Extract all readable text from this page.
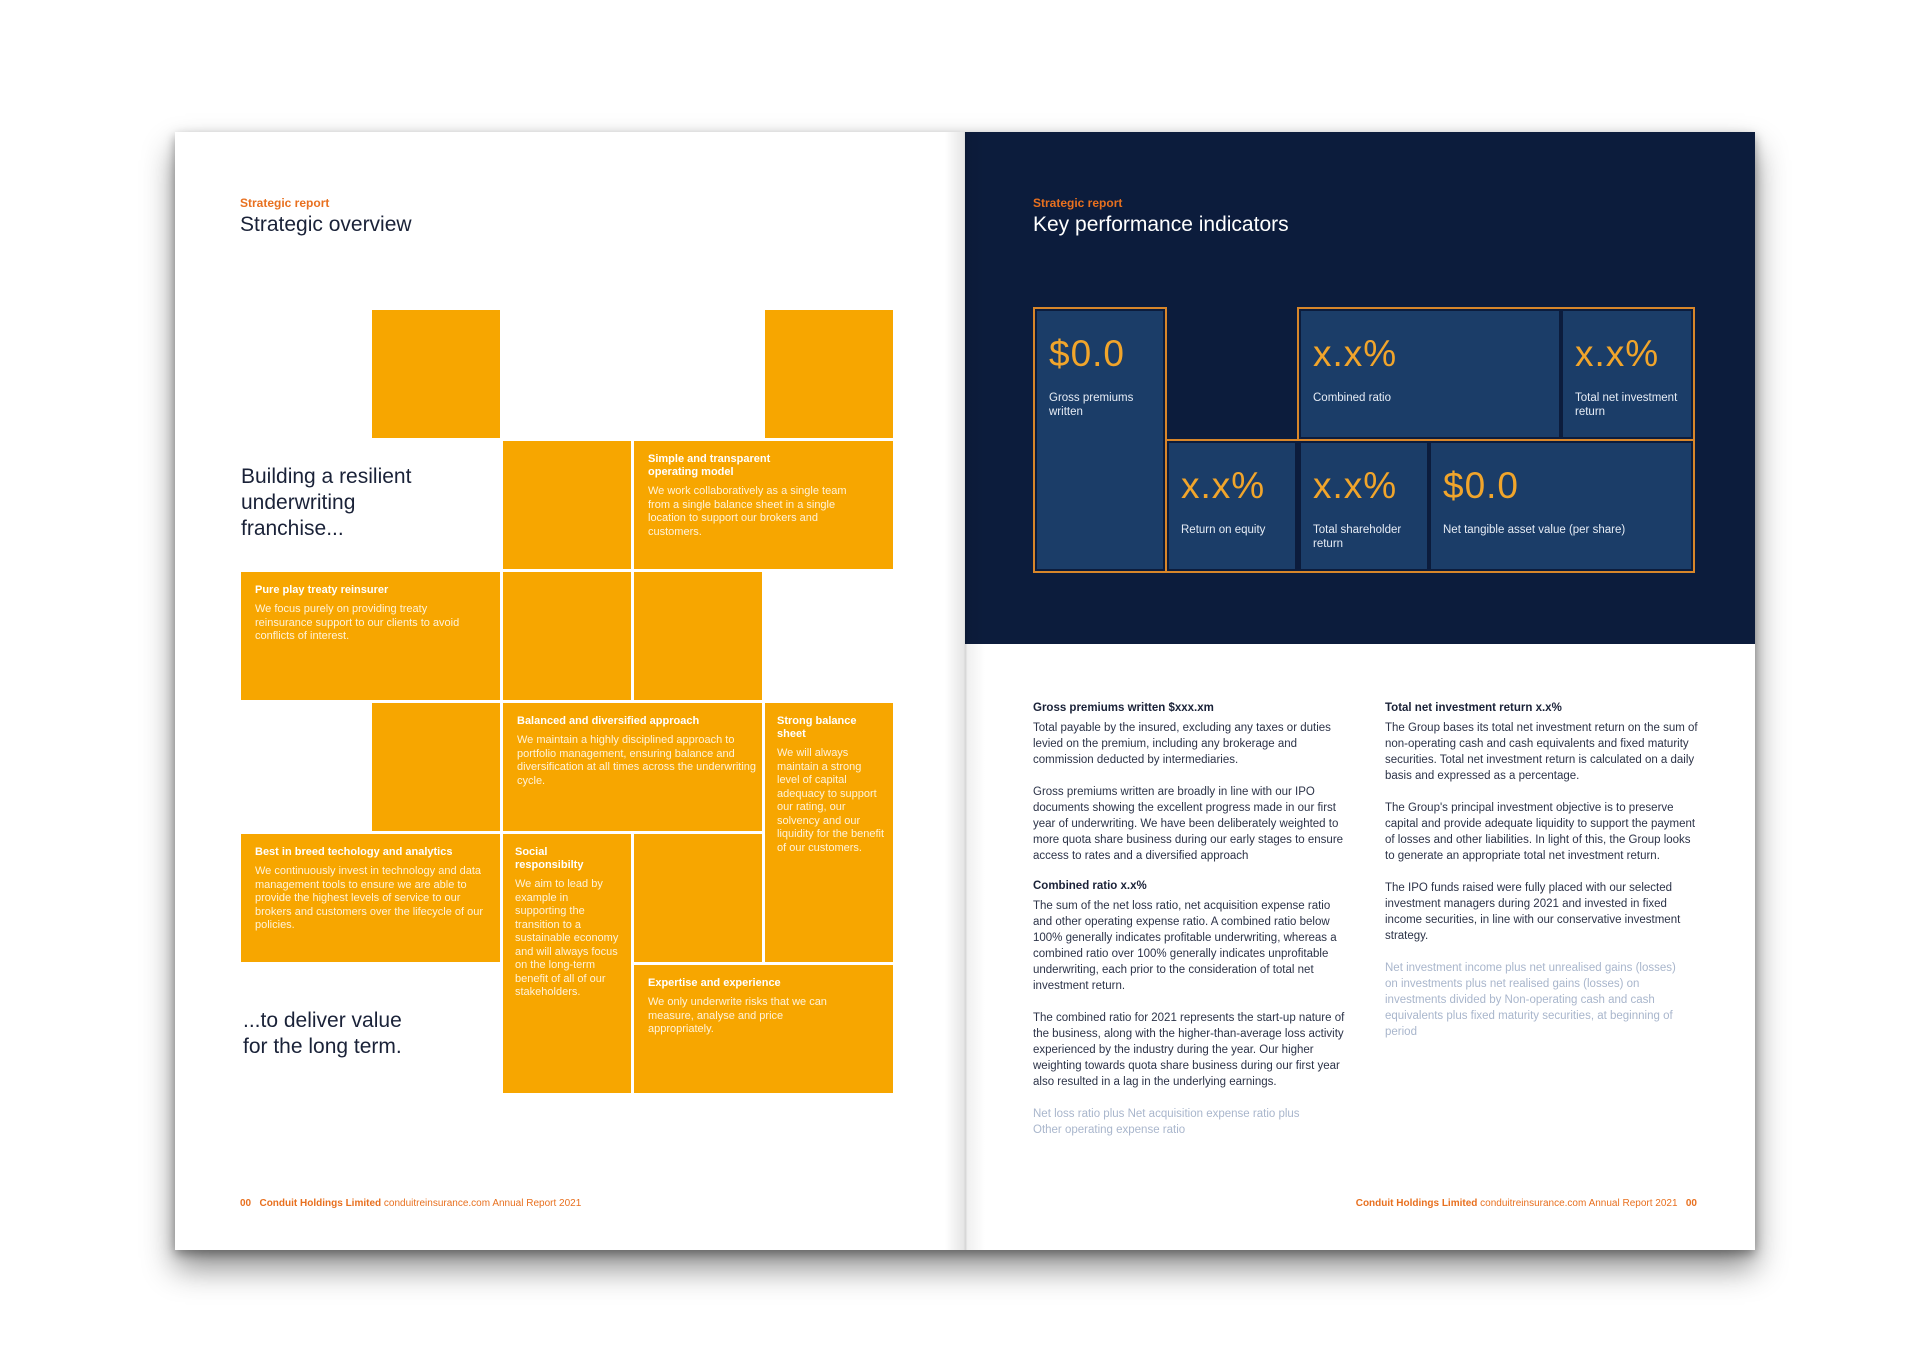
Strategic report
Strategic overview
Simple and transparent operating model
We work collaboratively as a single team from a single balance sheet in a single location to support our brokers and customers.
Pure play treaty reinsurer
We focus purely on providing treaty reinsurance support to our clients to avoid conflicts of interest.
Balanced and diversified approach
We maintain a highly disciplined approach to portfolio management, ensuring balance and diversification at all times across the underwriting cycle.
Strong balance sheet
We will always maintain a strong level of capital adequacy to support our rating, our solvency and our liquidity for the benefit of our customers.
Best in breed techology and analytics
We continuously invest in technology and data management tools to ensure we are able to provide the highest levels of service to our brokers and customers over the lifecycle of our policies.
Social responsibilty
We aim to lead by example in supporting the transition to a sustainable economy and will always focus on the long-term benefit of all of our stakeholders.
Expertise and experience
We only underwrite risks that we can measure, analyse and price appropriately.
Building a resilient
underwriting
franchise...
...to deliver value
for the long term.
00 Conduit Holdings Limited conduitreinsurance.com Annual Report 2021
Strategic report
Key performance indicators
$0.0
Gross premiums written
x.x%
Combined ratio
x.x%
Total net investment return
x.x%
Return on equity
x.x%
Total shareholder return
$0.0
Net tangible asset value (per share)
Gross premiums written $xxx.xm
Total payable by the insured, excluding any taxes or duties levied on the premium, including any brokerage and commission deducted by intermediaries.
Gross premiums written are broadly in line with our IPO documents showing the excellent progress made in our first year of underwriting. We have been deliberately weighted to more quota share business during our early stages to ensure access to rates and a diversified approach
Combined ratio x.x%
The sum of the net loss ratio, net acquisition expense ratio and other operating expense ratio. A combined ratio below 100% generally indicates profitable underwriting, whereas a combined ratio over 100% generally indicates unprofitable underwriting, each prior to the consideration of total net investment return.
The combined ratio for 2021 represents the start-up nature of the business, along with the higher-than-average loss activity experienced by the industry during the year. Our higher weighting towards quota share business during our first year also resulted in a lag in the underlying earnings.
Net loss ratio plus Net acquisition expense ratio plus Other operating expense ratio
Total net investment return x.x%
The Group bases its total net investment return on the sum of non-operating cash and cash equivalents and fixed maturity securities. Total net investment return is calculated on a daily basis and expressed as a percentage.
The Group's principal investment objective is to preserve capital and provide adequate liquidity to support the payment of losses and other liabilities. In light of this, the Group looks to generate an appropriate total net investment return.
The IPO funds raised were fully placed with our selected investment managers during 2021 and invested in fixed income securities, in line with our conservative investment strategy.
Net investment income plus net unrealised gains (losses) on investments plus net realised gains (losses) on investments divided by Non-operating cash and cash equivalents plus fixed maturity securities, at beginning of period
Conduit Holdings Limited conduitreinsurance.com Annual Report 2021 00
